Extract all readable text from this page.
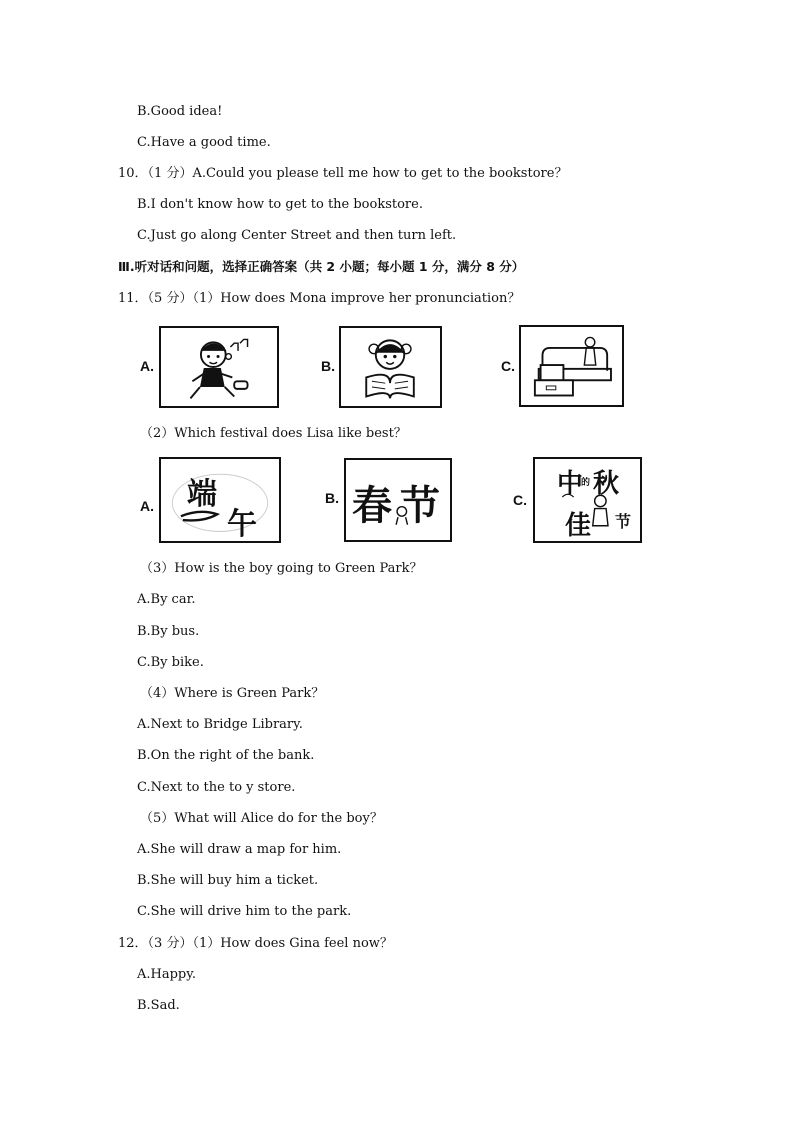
B.Good idea!
C.Have a good time.
10．（1 分）A.Could you please tell me how to get to the bookstore？
B.I don't know how to get to the bookstore.
C.Just go along Center Street and then turn left.
Ⅲ.听对话和问题，选择正确答案（共 2 小题；每小题 1 分，满分 8 分）
11．（5 分）（1）How does Mona improve her pronunciation？
A.	B.	C.
（2）Which festival does Lisa like best？
A. 端
午
B. 春 节	C.
中
的 秋
佳 节
（3）How is the boy going to Green Park？
A.By car.
B.By bus.
C.By bike.
（4）Where is Green Park？
A.Next to Bridge Library.
B.On the right of the bank.
C.Next to the to y store.
（5）What will Alice do for the boy？
A.She will draw a map for him.
B.She will buy him a ticket.
C.She will drive him to the park.
12．（3 分）（1）How does Gina feel now？
A.Happy.
B.Sad.
